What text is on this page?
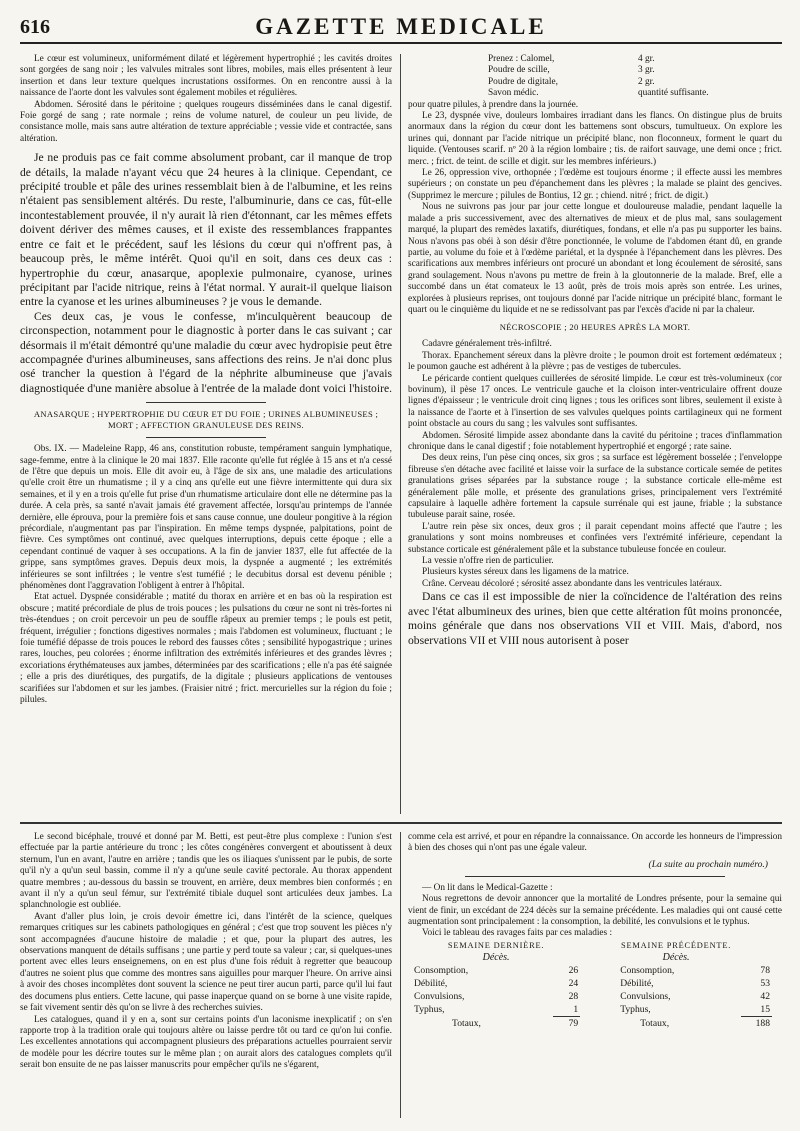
616	GAZETTE MEDICALE

Le cœur est volumineux, uniformément dilaté et légèrement hypertrophié ; les cavités droites sont gorgées de sang noir ; les valvules mitrales sont libres, mobiles, mais elles présentent à leur insertion et dans leur texture quelques incrustations ossiformes. On en rencontre aussi à la naissance de l'aorte dont les valvules sont également mobiles et régulières.

Abdomen. Sérosité dans le péritoine ; quelques rougeurs disséminées dans le canal digestif. Foie gorgé de sang ; rate normale ; reins de volume naturel, de couleur un peu livide, de consistance molle, mais sans autre altération de texture appréciable ; vessie vide et contractée, sans altération.

Je ne produis pas ce fait comme absolument probant, car il manque de trop de détails, la malade n'ayant vécu que 24 heures à la clinique. Cependant, ce précipité trouble et pâle des urines ressemblait bien à de l'albumine, et les reins n'étaient pas sensiblement altérés. Du reste, l'albuminurie, dans ce cas, fût-elle incontestablement prouvée, il n'y aurait là rien d'étonnant, car les mêmes effets doivent dériver des mêmes causes, et il existe des ressemblances frappantes entre ce fait et le précédent, sauf les lésions du cœur qui n'offrent pas, à beaucoup près, le même intérêt. Quoi qu'il en soit, dans ces deux cas : hypertrophie du cœur, anasarque, apoplexie pulmonaire, cyanose, urines précipitant par l'acide nitrique, reins à l'état normal. Y aurait-il quelque liaison entre la cyanose et les urines albumineuses ? je vous le demande.

Ces deux cas, je vous le confesse, m'inculquèrent beaucoup de circonspection, notamment pour le diagnostic à porter dans le cas suivant ; car désormais il m'était démontré qu'une maladie du cœur avec hydropisie peut être accompagnée d'urines albumineuses, sans affections des reins. Je n'ai donc plus osé trancher la question à l'égard de la néphrite albumineuse que j'avais diagnostiquée d'une manière absolue à l'entrée de la malade dont voici l'histoire.

ANASARQUE ; HYPERTROPHIE DU CŒUR ET DU FOIE ; URINES ALBUMINEUSES ; MORT ; AFFECTION GRANULEUSE DES REINS.

Obs. IX. — Madeleine Rapp, 46 ans, constitution robuste, tempérament sanguin lymphatique, sage-femme, entre à la clinique le 20 mai 1837. Elle raconte qu'elle fut réglée à 15 ans et n'a cessé de l'être que depuis un mois. Elle dit avoir eu, à l'âge de six ans, une maladie des articulations qu'elle croit être un rhumatisme ; il y a cinq ans qu'elle eut une fièvre intermittente qui dura six semaines, et il y en a trois qu'elle fut prise d'un rhumatisme articulaire dont elle ne détermine pas la durée. A cela près, sa santé n'avait jamais été gravement affectée, lorsqu'au printemps de l'année dernière, elle éprouva, pour la première fois et sans cause connue, une douleur pongitive à la région précordiale, n'augmentant pas par l'inspiration. En même temps dyspnée, palpitations, point de fièvre. Ces symptômes ont continué, avec quelques interruptions, depuis cette époque ; elle a cependant continué de vaquer à ses occupations. A la fin de janvier 1837, elle fut affectée de la grippe, sans symptômes graves. Depuis deux mois, la dyspnée a augmenté ; les extrémités inférieures se sont infiltrées ; le ventre s'est tuméfié ; le decubitus dorsal est devenu pénible ; phénomènes dont l'aggravation l'obligent à entrer à l'hôpital.

Etat actuel. Dyspnée considérable ; matité du thorax en arrière et en bas où la respiration est obscure ; matité précordiale de plus de trois pouces ; les pulsations du cœur ne sont ni très-fortes ni très-étendues ; on croit percevoir un peu de souffle râpeux au premier temps ; le pouls est petit, fréquent, irrégulier ; fonctions digestives normales ; mais l'abdomen est volumineux, fluctuant ; le foie tuméfié dépasse de trois pouces le rebord des fausses côtes ; sensibilité hypogastrique ; urines rares, louches, peu colorées ; énorme infiltration des extrémités inférieures et des grandes lèvres ; excoriations érythémateuses aux jambes, déterminées par des scarifications ; elle n'a pas été saignée ; elle a pris des diurétiques, des purgatifs, de la digitale ; plusieurs applications de ventouses scarifiées sur l'abdomen et sur les jambes. (Fraisier nitré ; frict. mercurielles sur la région du foie ; pilules.

Prenez : Calomel,	4 gr.
Poudre de scille,	3 gr.
Poudre de digitale,	2 gr.
Savon médic.	quantité suffisante.

pour quatre pilules, à prendre dans la journée.

Le 23, dyspnée vive, douleurs lombaires irradiant dans les flancs. On distingue plus de bruits anormaux dans la région du cœur dont les battemens sont obscurs, tumultueux. On explore les urines qui, donnant par l'acide nitrique un précipité blanc, non floconneux, forment le quart du liquide. (Ventouses scarif. nº 20 à la région lombaire ; tis. de raifort sauvage, une demi once ; frict. merc. ; frict. de teint. de scille et digit. sur les membres inférieurs.)

Le 26, oppression vive, orthopnée ; l'œdème est toujours énorme ; il effecte aussi les membres supérieurs ; on constate un peu d'épanchement dans les plèvres ; la malade se plaint des gencives. (Supprimez le mercure ; pilules de Bontius, 12 gr. ; chiend. nitré ; frict. de digit.)

Nous ne suivrons pas jour par jour cette longue et douloureuse maladie, pendant laquelle la malade a pris successivement, avec des alternatives de mieux et de plus mal, sans soulagement marqué, la plupart des remèdes laxatifs, diurétiques, fondans, et elle n'a pas pu supporter les bains. Nous n'avons pas obéi à son désir d'être ponctionnée, le volume de l'abdomen étant dû, en grande partie, au volume du foie et à l'œdème pariétal, et la dyspnée à l'épanchement dans les plèvres. Des scarifications aux membres inférieurs ont procuré un abondant et long écoulement de sérosité, sans grand soulagement. Nous n'avons pu mettre de frein à la gloutonnerie de la malade. Bref, elle a succombé dans un état comateux le 13 août, près de trois mois après son entrée. Les urines, explorées à plusieurs reprises, ont toujours donné par l'acide nitrique un précipité blanc, formant le quart ou le cinquième du liquide et ne se redissolvant pas par l'excès d'acide ni par la chaleur.

NÉCROSCOPIE ; 20 HEURES APRÈS LA MORT.

Cadavre généralement très-infiltré.

Thorax. Epanchement séreux dans la plèvre droite ; le poumon droit est fortement œdémateux ; le poumon gauche est adhérent à la plèvre ; pas de vestiges de tubercules.

Le péricarde contient quelques cuillerées de sérosité limpide. Le cœur est très-volumineux (cor bovinum), il pèse 17 onces. Le ventricule gauche et la cloison inter-ventriculaire offrent douze lignes d'épaisseur ; le ventricule droit cinq lignes ; tous les orifices sont libres, seulement il existe à la naissance de l'aorte et à l'insertion de ses valvules quelques points cartilagineux qui ne forment point obstacle au cours du sang ; les valvules sont suffisantes.

Abdomen. Sérosité limpide assez abondante dans la cavité du péritoine ; traces d'inflammation chronique dans le canal digestif ; foie notablement hypertrophié et engorgé ; rate saine.

Des deux reins, l'un pèse cinq onces, six gros ; sa surface est légèrement bosselée ; l'enveloppe fibreuse s'en détache avec facilité et laisse voir la surface de la substance corticale semée de petites granulations grises séparées par la substance rouge ; la substance corticale elle-même est généralement pâle molle, et présente des granulations grises, principalement vers l'extrémité capsulaire à laquelle adhère fortement la capsule surrénale qui est jaune, friable ; la substance tubuleuse parait saine, rosée.

L'autre rein pèse six onces, deux gros ; il parait cependant moins affecté que l'autre ; les granulations y sont moins nombreuses et confinées vers l'extrémité inférieure, cependant la substance corticale est généralement pâle et la substance tubuleuse foncée en couleur.

La vessie n'offre rien de particulier.

Plusieurs kystes séreux dans les ligamens de la matrice.

Crâne. Cerveau décoloré ; sérosité assez abondante dans les ventricules latéraux.

Dans ce cas il est impossible de nier la coïncidence de l'altération des reins avec l'état albumineux des urines, bien que cette altération fût moins prononcée, moins générale que dans nos observations VII et VIII. Mais, d'abord, nos observations VII et VIII nous autorisent à poser

Le second bicéphale, trouvé et donné par M. Betti, est peut-être plus complexe : l'union s'est effectuée par la partie antérieure du tronc ; les côtes congénères convergent et aboutissent à deux sternum, l'un en avant, l'autre en arrière ; tandis que les os iliaques s'unissent par le pubis, de sorte qu'il n'y a qu'un seul bassin, comme il n'y a qu'une seule cavité pectorale. Au thorax appendent quatre membres ; au-dessous du bassin se trouvent, en arrière, deux membres bien conformés ; en avant il n'y a qu'un seul fémur, sur l'extrémité tibiale duquel sont articulées deux jambes. La splanchnologie est oubliée.

Avant d'aller plus loin, je crois devoir émettre ici, dans l'intérêt de la science, quelques remarques critiques sur les cabinets pathologiques en général ; c'est que trop souvent les pièces n'y sont accompagnées d'aucune histoire de maladie ; et que, pour la plupart des autres, les observations manquent de détails suffisans ; une partie y perd toute sa valeur ; car, si quelques-unes portent avec elles leurs enseignemens, on en est plus d'une fois réduit à regretter que beaucoup d'autres ne soient plus que comme des montres sans aiguilles pour marquer l'heure. On arrive ainsi à avoir des choses incomplètes dont souvent la science ne peut tirer aucun parti, parce qu'il lui faut des documens plus entiers. Cette lacune, qui passe inaperçue quand on se borne à une visite rapide, se fait vivement sentir dès qu'on se livre à des recherches suivies.

Les catalogues, quand il y en a, sont sur certains points d'un laconisme inexplicatif ; on s'en rapporte trop à la tradition orale qui toujours altère ou laisse perdre tôt ou tard ce qu'on lui confie. Les excellentes annotations qui accompagnent plusieurs des préparations actuelles pourraient servir de modèle pour les décrire toutes sur le même plan ; on aurait alors des catalogues complets qu'il serait bon ensuite de ne pas laisser manuscrits pour empêcher qu'ils ne s'égarent,

comme cela est arrivé, et pour en répandre la connaissance. On accorde les honneurs de l'impression à bien des choses qui n'ont pas une égale valeur.

(La suite au prochain numéro.)

— On lit dans le Medical-Gazette :

Nous regrettons de devoir annoncer que la mortalité de Londres présente, pour la semaine qui vient de finir, un excédant de 224 décès sur la semaine précédente. Les maladies qui ont causé cette augmentation sont principalement : la consomption, la debilité, les convulsions et le typhus.

Voici le tableau des ravages faits par ces maladies :

SEMAINE DERNIÈRE.		SEMAINE PRÉCÉDENTE.	
Décès.		Décès.	
Consomption,	26	Consomption,	78
Débilité,	24	Débilité,	53
Convulsions,	28	Convulsions,	42
Typhus,	1	Typhus,	15
Totaux,	79	Totaux,	188
